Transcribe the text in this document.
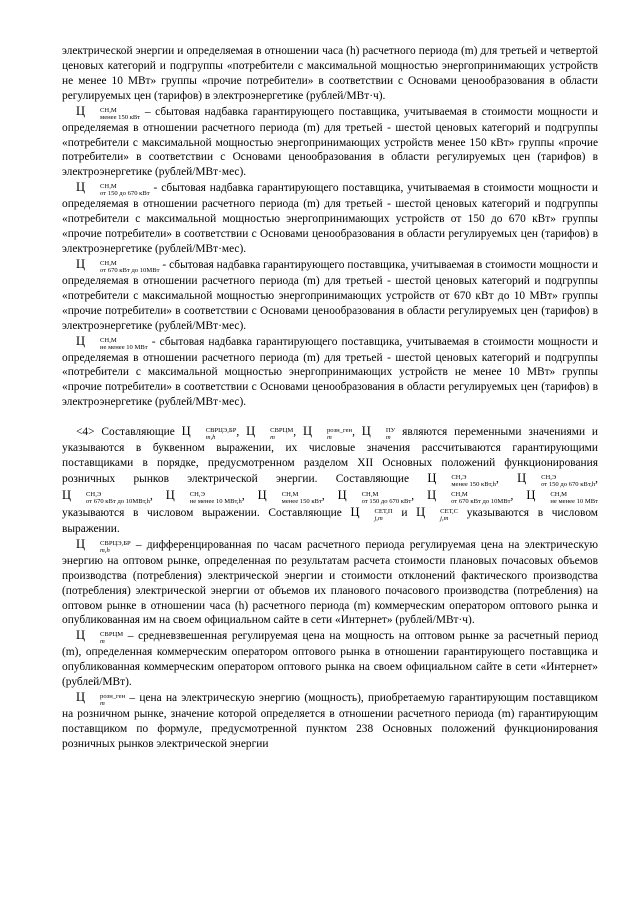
электрической энергии и определяемая в отношении часа (h) расчетного периода (m) для третьей и четвертой ценовых категорий и подгруппы «потребители с максимальной мощностью энергопринимающих устройств не менее 10 МВт» группы «прочие потребители» в соответствии с Основами ценообразования в области регулируемых цен (тарифов) в электроэнергетике (рублей/МВт·ч).

Ц	СН,М
менее 150 кВт – сбытовая надбавка гарантирующего поставщика, учитываемая в стоимости мощности и определяемая в отношении расчетного периода (m) для третьей - шестой ценовых категорий и подгруппы «потребители с максимальной мощностью энергопринимающих устройств менее 150 кВт» группы «прочие потребители» в соответствии с Основами ценообразования в области регулируемых цен (тарифов) в электроэнергетике (рублей/МВт·мес).

Ц	СН,М
от 150 до 670 кВт - сбытовая надбавка гарантирующего поставщика, учитываемая в стоимости мощности и определяемая в отношении расчетного периода (m) для третьей - шестой ценовых категорий и подгруппы «потребители с максимальной мощностью энергопринимающих устройств от 150 до 670 кВт» группы «прочие потребители» в соответствии с Основами ценообразования в области регулируемых цен (тарифов) в электроэнергетике (рублей/МВт·мес).

Ц	СН,М
от 670 кВт до 10МВт - сбытовая надбавка гарантирующего поставщика, учитываемая в стоимости мощности и определяемая в отношении расчетного периода (m) для третьей - шестой ценовых категорий и подгруппы «потребители с максимальной мощностью энергопринимающих устройств от 670 кВт до 10 МВт» группы «прочие потребители» в соответствии с Основами ценообразования в области регулируемых цен (тарифов) в электроэнергетике (рублей/МВт·мес).

Ц	СН,М
не менее 10 МВт - сбытовая надбавка гарантирующего поставщика, учитываемая в стоимости мощности и определяемая в отношении расчетного периода (m) для третьей - шестой ценовых категорий и подгруппы «потребители с максимальной мощностью энергопринимающих устройств не менее 10 МВт» группы «прочие потребители» в соответствии с Основами ценообразования в области регулируемых цен (тарифов) в электроэнергетике (рублей/МВт·мес).

<4> Составляющие Ц	СВРЦЭ,БР
m,h	, Ц	СВРЦМ
m	, Ц	розн_ген
m	, Ц	ПУ
m являются переменными значениями и указываются в буквенном выражении, их числовые значения рассчитываются гарантирующими поставщиками в порядке, предусмотренном разделом XII Основных положений функционирования розничных рынков электрической энергии. Составляющие Ц	СН,Э
менее 150 кВт,h , Ц	СН,Э
от 150 до 670 кВт,h , Ц	СН,Э
от 670 кВт до 10МВт,h , Ц	СН,Э
не менее 10 МВт,h , Ц	СН,М
менее 150 кВт , Ц	СН,М
от 150 до 670 кВт , Ц	СН,М
от 670 кВт до 10МВт , Ц	СН,М
не менее 10 МВт
указываются в числовом выражении. Составляющие Ц	СЕТ,П
j,m и Ц	СЕТ,С
j,m указываются в числовом выражении.

Ц	СВРЦЭ,БР
m,h	– дифференцированная по часам расчетного периода регулируемая цена на электрическую энергию на оптовом рынке, определенная по результатам расчета стоимости плановых почасовых объемов производства (потребления) электрической энергии и стоимости отклонений фактического производства (потребления) электрической энергии от объемов их планового почасового производства (потребления) на оптовом рынке в отношении часа (h) расчетного периода (m) коммерческим оператором оптового рынка и опубликованная им на своем официальном сайте в сети «Интернет» (рублей/МВт·ч).

Ц	СВРЦМ
m	– средневзвешенная регулируемая цена на мощность на оптовом рынке за расчетный период (m), определенная коммерческим оператором оптового рынка в отношении гарантирующего поставщика и опубликованная коммерческим оператором оптового рынка на своем официальном сайте в сети «Интернет» (рублей/МВт).

Ц	розн_ген
m	– цена на электрическую энергию (мощность), приобретаемую гарантирующим поставщиком на розничном рынке, значение которой определяется в отношении расчетного периода (m) гарантирующим поставщиком по формуле, предусмотренной пунктом 238 Основных положений функционирования розничных рынков электрической энергии
